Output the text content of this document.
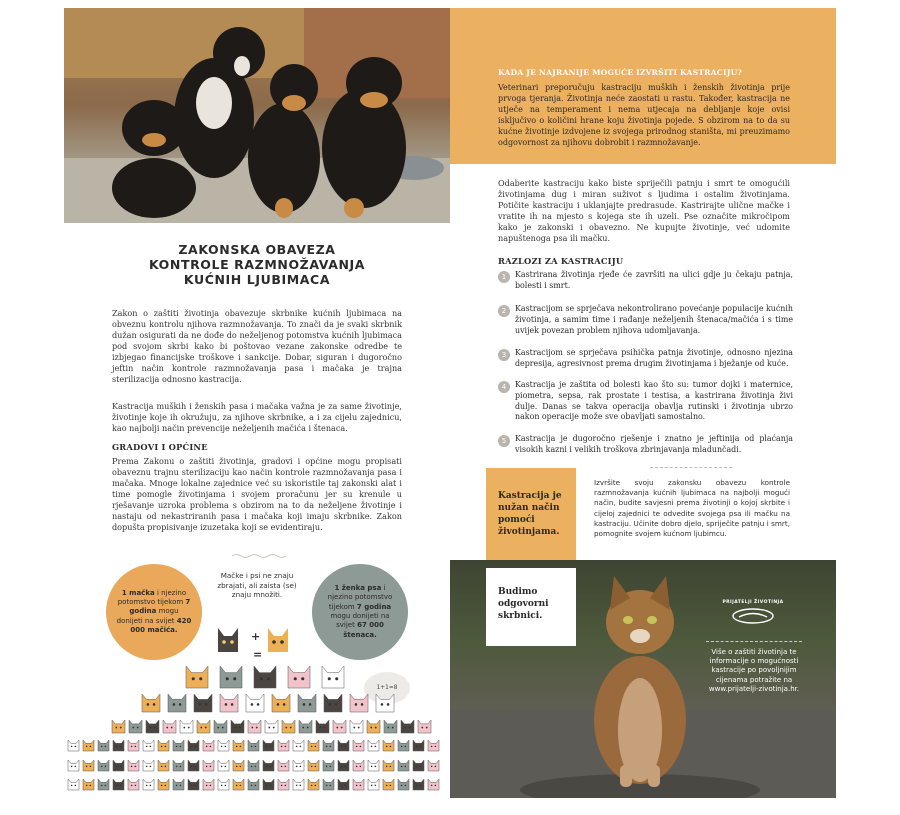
ZAKONSKA OBAVEZA
KONTROLE RAZMNOŽAVANJA
KUĆNIH LJUBIMACA
Zakon o zaštiti životinja obavezuje skrbnike kućnih ljubimaca na obveznu kontrolu njihova razmnožavanja. To znači da je svaki skrbnik dužan osigurati da ne dođe do neželjenog potomstva kućnih ljubimaca pod svojom skrbi kako bi poštovao vezane zakonske odredbe te izbjegao financijske troškove i sankcije. Dobar, siguran i dugoročno jeftin način kontrole razmnožavanja pasa i mačaka je trajna sterilizacija odnosno kastracija.
Kastracija muških i ženskih pasa i mačaka važna je za same životinje, životinje koje ih okružuju, za njihove skrbnike, a i za cijelu zajednicu, kao najbolji način prevencije neželjenih mačića i štenaca.
GRADOVI I OPĆINE
Prema Zakonu o zaštiti životinja, gradovi i općine mogu propisati obaveznu trajnu sterilizaciju kao način kontrole razmnožavanja pasa i mačaka. Mnoge lokalne zajednice već su iskoristile taj zakonski alat i time pomogle životinjama i svojem proračunu jer su krenule u rješavanje uzroka problema s obzirom na to da neželjene životinje i nastaju od nekastriranih pasa i mačaka koji imaju skrbnike. Zakon dopušta propisivanje izuzetaka koji se evidentiraju.
1 mačka i njezino potomstvo tijekom 7 godina mogu donijeti na svijet 420 000 mačića.
Mačke i psi ne znaju zbrajati, ali zaista (se) znaju množiti.
1 ženka psa i njezino potomstvo tijekom 7 godina mogu donijeti na svijet 67 000 štenaca.
+
=
1+1=8
KADA JE NAJRANIJE MOGUĆE IZVRŠITI KASTRACIJU?
Veterinari preporučuju kastraciju muških i ženskih životinja prije prvoga tjeranja. Životinja neće zaostati u rastu. Također, kastracija ne utječe na temperament i nema utjecaja na debljanje koje ovisi isključivo o količini hrane koju životinja pojede. S obzirom na to da su kućne životinje izdvojene iz svojega prirodnog staništa, mi preuzimamo odgovornost za njihovu dobrobit i razmnožavanje.
Odaberite kastraciju kako biste spriječili patnju i smrt te omogućili životinjama dug i miran suživot s ljudima i ostalim životinjama. Potičite kastraciju i uklanjajte predrasude. Kastrirajte ulične mačke i vratite ih na mjesto s kojega ste ih uzeli. Pse označite mikročipom kako je zakonski i obavezno. Ne kupujte životinje, već udomite napuštenoga psa ili mačku.
RAZLOZI ZA KASTRACIJU
1	Kastrirana životinja rjeđe će završiti na ulici gdje ju čekaju patnja, bolesti i smrt.
2	Kastracijom se sprječava nekontrolirano povećanje populacije kućnih životinja, a samim time i rađanje neželjenih štenaca/mačića i s time uvijek povezan problem njihova udomljavanja.
3	Kastracijom se sprječava psihička patnja životinje, odnosno njezina depresija, agresivnost prema drugim životinjama i bježanje od kuće.
4	Kastracija je zaštita od bolesti kao što su: tumor dojki i maternice, piometra, sepsa, rak prostate i testisa, a kastrirana životinja živi dulje. Danas se takva operacija obavlja rutinski i životinja ubrzo nakon operacije može sve obavljati samostalno.
5	Kastracija je dugoročno rješenje i znatno je jeftinija od plaćanja visokih kazni i velikih troškova zbrinjavanja mladunčadi.
Kastracija je nužan način pomoći životinjama.
Izvršite svoju zakonsku obavezu kontrole razmnožavanja kućnih ljubimaca na najbolji mogući način, budite savjesni prema životinji o kojoj skrbite i cijeloj zajednici te odvedite svojega psa ili mačku na kastraciju. Učinite dobro djelo, spriječite patnju i smrt, pomognite svojem kućnom ljubimcu.
Budimo odgovorni skrbnici.
PRIJATELJI ŽIVOTINJA
Više o zaštiti životinja te informacije o mogućnosti kastracije po povoljnijim cijenama potražite na www.prijatelji-zivotinja.hr.
